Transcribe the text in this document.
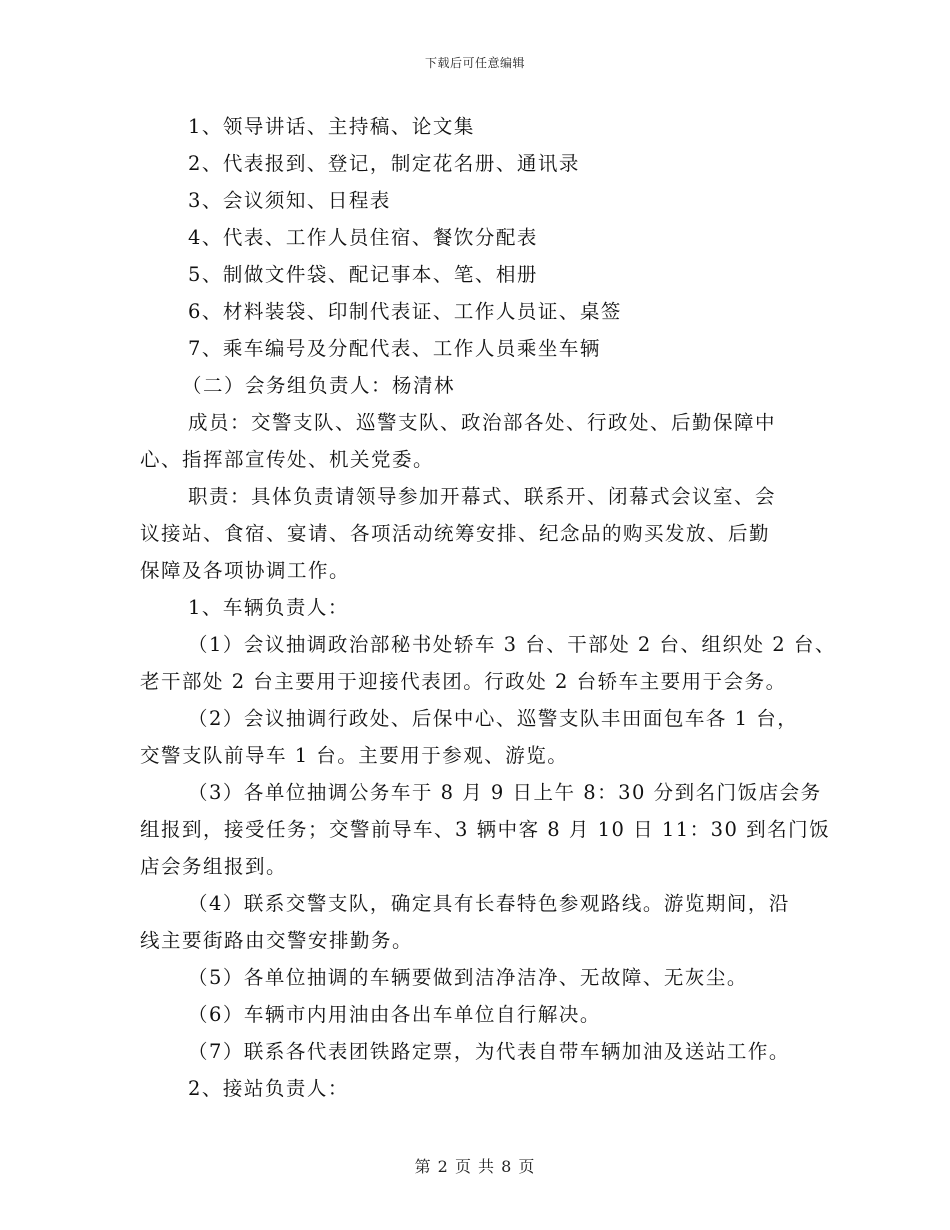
下载后可任意编辑

1、领导讲话、主持稿、论文集

2、代表报到、登记，制定花名册、通讯录

3、会议须知、日程表

4、代表、工作人员住宿、餐饮分配表

5、制做文件袋、配记事本、笔、相册

6、材料装袋、印制代表证、工作人员证、桌签

7、乘车编号及分配代表、工作人员乘坐车辆

（二）会务组负责人：杨清林

成员：交警支队、巡警支队、政治部各处、行政处、后勤保障中

心、指挥部宣传处、机关党委。

职责：具体负责请领导参加开幕式、联系开、闭幕式会议室、会

议接站、食宿、宴请、各项活动统筹安排、纪念品的购买发放、后勤

保障及各项协调工作。

1、车辆负责人：

（1）会议抽调政治部秘书处轿车 3 台、干部处 2 台、组织处 2 台、

老干部处 2 台主要用于迎接代表团。行政处 2 台轿车主要用于会务。

（2）会议抽调行政处、后保中心、巡警支队丰田面包车各 1 台，

交警支队前导车 1 台。主要用于参观、游览。

（3）各单位抽调公务车于 8 月 9 日上午 8：30 分到名门饭店会务

组报到，接受任务；交警前导车、3 辆中客 8 月 10 日 11：30 到名门饭

店会务组报到。

（4）联系交警支队，确定具有长春特色参观路线。游览期间，沿

线主要街路由交警安排勤务。

（5）各单位抽调的车辆要做到洁净洁净、无故障、无灰尘。

（6）车辆市内用油由各出车单位自行解决。

（7）联系各代表团铁路定票，为代表自带车辆加油及送站工作。

2、接站负责人：

第 2 页 共 8 页
